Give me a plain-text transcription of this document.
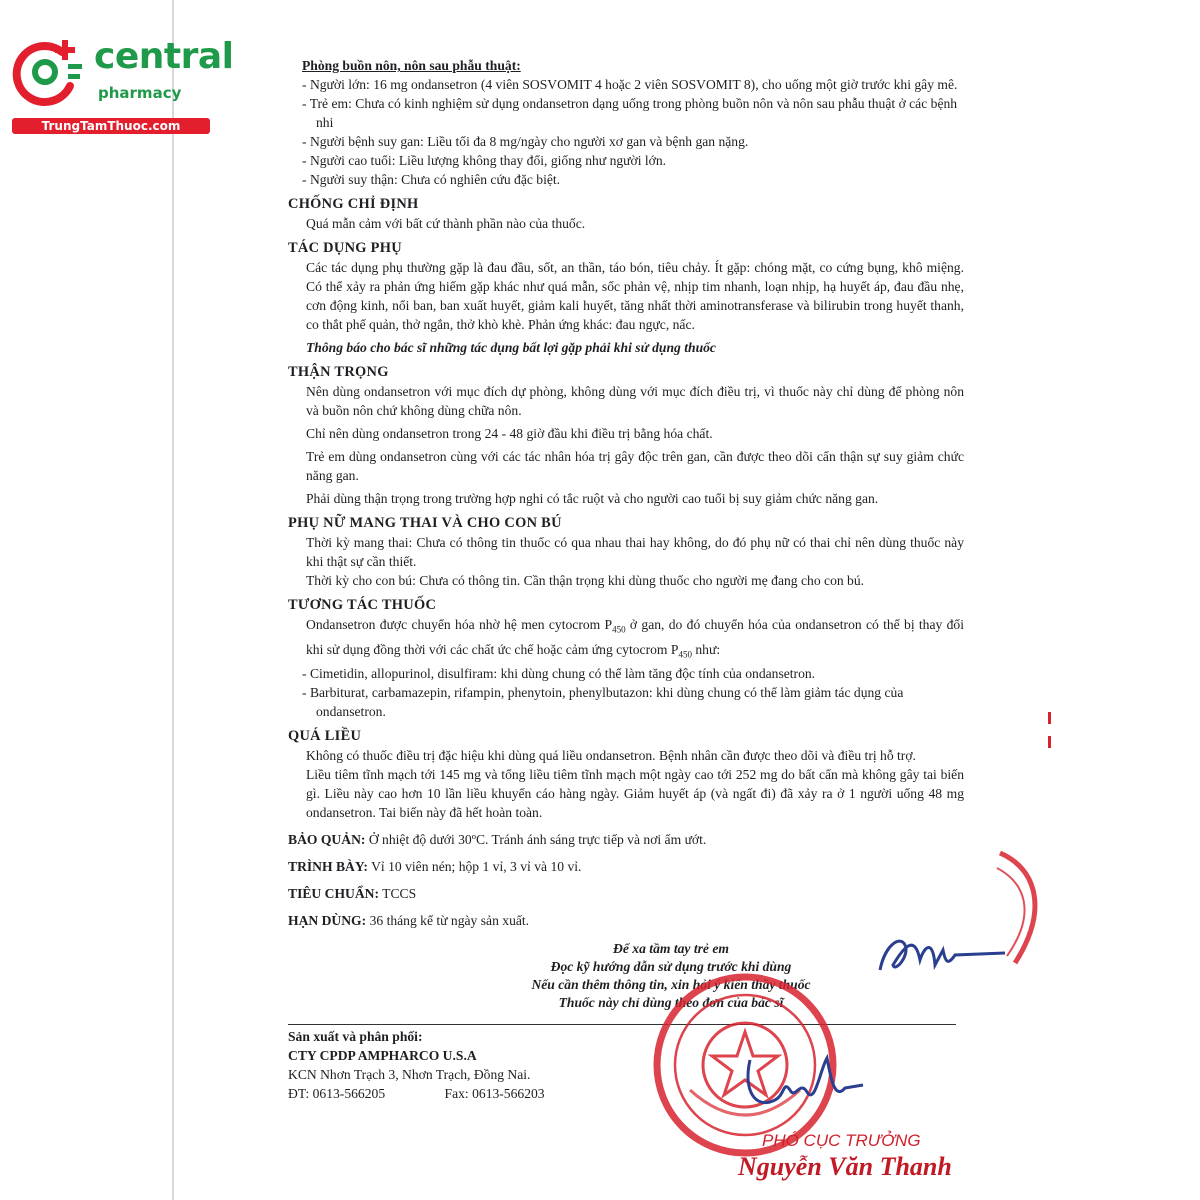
central
pharmacy
TrungTamThuoc.com
Phòng buồn nôn, nôn sau phẫu thuật:
- Người lớn: 16 mg ondansetron (4 viên SOSVOMIT 4 hoặc 2 viên SOSVOMIT 8), cho uống một giờ trước khi gây mê.
- Trẻ em: Chưa có kinh nghiệm sử dụng ondansetron dạng uống trong phòng buồn nôn và nôn sau phẫu thuật ở các bệnh nhi
- Người bệnh suy gan: Liều tối đa 8 mg/ngày cho người xơ gan và bệnh gan nặng.
- Người cao tuổi: Liều lượng không thay đổi, giống như người lớn.
- Người suy thận: Chưa có nghiên cứu đặc biệt.
CHỐNG CHỈ ĐỊNH
Quá mẫn cảm với bất cứ thành phần nào của thuốc.
TÁC DỤNG PHỤ
Các tác dụng phụ thường gặp là đau đầu, sốt, an thần, táo bón, tiêu chảy. Ít gặp: chóng mặt, co cứng bụng, khô miệng. Có thể xảy ra phản ứng hiếm gặp khác như quá mẫn, sốc phản vệ, nhịp tim nhanh, loạn nhịp, hạ huyết áp, đau đầu nhẹ, cơn động kinh, nổi ban, ban xuất huyết, giảm kali huyết, tăng nhất thời aminotransferase và bilirubin trong huyết thanh, co thắt phế quản, thở ngắn, thở khò khè. Phản ứng khác: đau ngực, nấc.
Thông báo cho bác sĩ những tác dụng bất lợi gặp phải khi sử dụng thuốc
THẬN TRỌNG
Nên dùng ondansetron với mục đích dự phòng, không dùng với mục đích điều trị, vì thuốc này chỉ dùng để phòng nôn và buồn nôn chứ không dùng chữa nôn.
Chỉ nên dùng ondansetron trong 24 - 48 giờ đầu khi điều trị bằng hóa chất.
Trẻ em dùng ondansetron cùng với các tác nhân hóa trị gây độc trên gan, cần được theo dõi cẩn thận sự suy giảm chức năng gan.
Phải dùng thận trọng trong trường hợp nghi có tắc ruột và cho người cao tuổi bị suy giảm chức năng gan.
PHỤ NỮ MANG THAI VÀ CHO CON BÚ
Thời kỳ mang thai: Chưa có thông tin thuốc có qua nhau thai hay không, do đó phụ nữ có thai chỉ nên dùng thuốc này khi thật sự cần thiết.
Thời kỳ cho con bú: Chưa có thông tin. Cần thận trọng khi dùng thuốc cho người mẹ đang cho con bú.
TƯƠNG TÁC THUỐC
Ondansetron được chuyển hóa nhờ hệ men cytocrom $P_{450}$ ở gan, do đó chuyển hóa của ondansetron có thể bị thay đổi khi sử dụng đồng thời với các chất ức chế hoặc cảm ứng cytocrom $P_{450}$ như:
- Cimetidin, allopurinol, disulfiram: khi dùng chung có thể làm tăng độc tính của ondansetron.
- Barbiturat, carbamazepin, rifampin, phenytoin, phenylbutazon: khi dùng chung có thể làm giảm tác dụng của ondansetron.
QUÁ LIỀU
Không có thuốc điều trị đặc hiệu khi dùng quá liều ondansetron. Bệnh nhân cần được theo dõi và điều trị hỗ trợ.
Liều tiêm tĩnh mạch tới 145 mg và tổng liều tiêm tĩnh mạch một ngày cao tới 252 mg do bất cẩn mà không gây tai biến gì. Liều này cao hơn 10 lần liều khuyến cáo hàng ngày. Giảm huyết áp (và ngất đi) đã xảy ra ở 1 người uống 48 mg ondansetron. Tai biến này đã hết hoàn toàn.
BẢO QUẢN: Ở nhiệt độ dưới 30ºC. Tránh ánh sáng trực tiếp và nơi ẩm ướt.
TRÌNH BÀY: Vỉ 10 viên nén; hộp 1 vỉ, 3 vỉ và 10 vỉ.
TIÊU CHUẨN: TCCS
HẠN DÙNG: 36 tháng kể từ ngày sản xuất.
Để xa tầm tay trẻ em
Đọc kỹ hướng dẫn sử dụng trước khi dùng
Nếu cần thêm thông tin, xin hỏi ý kiến thầy thuốc
Thuốc này chỉ dùng theo đơn của bác sĩ
Sản xuất và phân phối:
CTY CPDP AMPHARCO U.S.A
KCN Nhơn Trạch 3, Nhơn Trạch, Đồng Nai.
ĐT: 0613-566205	Fax: 0613-566203
PHÓ CỤC TRƯỞNG
Nguyễn Văn Thanh
